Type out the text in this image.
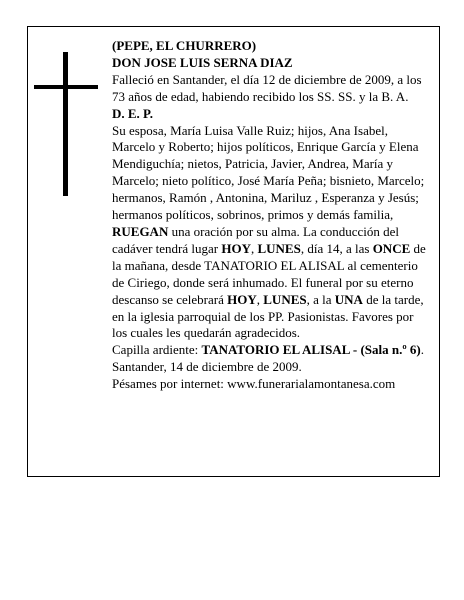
(PEPE, EL CHURRERO)

DON JOSE LUIS SERNA DIAZ

Falleció en Santander, el día 12 de diciembre de 2009, a los 73 años de edad, habiendo recibido los SS. SS. y la B. A.

D. E. P.

Su esposa, María Luisa Valle Ruiz; hijos, Ana Isabel, Marcelo y Roberto; hijos políticos, Enrique García y Elena Mendiguchía; nietos, Patricia, Javier, Andrea, María y Marcelo; nieto político, José María Peña; bisnieto, Marcelo; hermanos, Ramón , Antonina, Mariluz , Esperanza y Jesús; hermanos políticos, sobrinos, primos y demás familia,

RUEGAN una oración por su alma. La conducción del cadáver tendrá lugar HOY, LUNES, día 14, a las ONCE de la mañana, desde TANATORIO EL ALISAL al cementerio de Ciriego, donde será inhumado. El funeral por su eterno descanso se celebrará HOY, LUNES, a la UNA de la tarde, en la iglesia parroquial de los PP. Pasionistas. Favores por los cuales les quedarán agradecidos.

Capilla ardiente: TANATORIO EL ALISAL - (Sala n.º 6).

Santander, 14 de diciembre de 2009.

Pésames por internet: www.funerarialamontanesa.com
